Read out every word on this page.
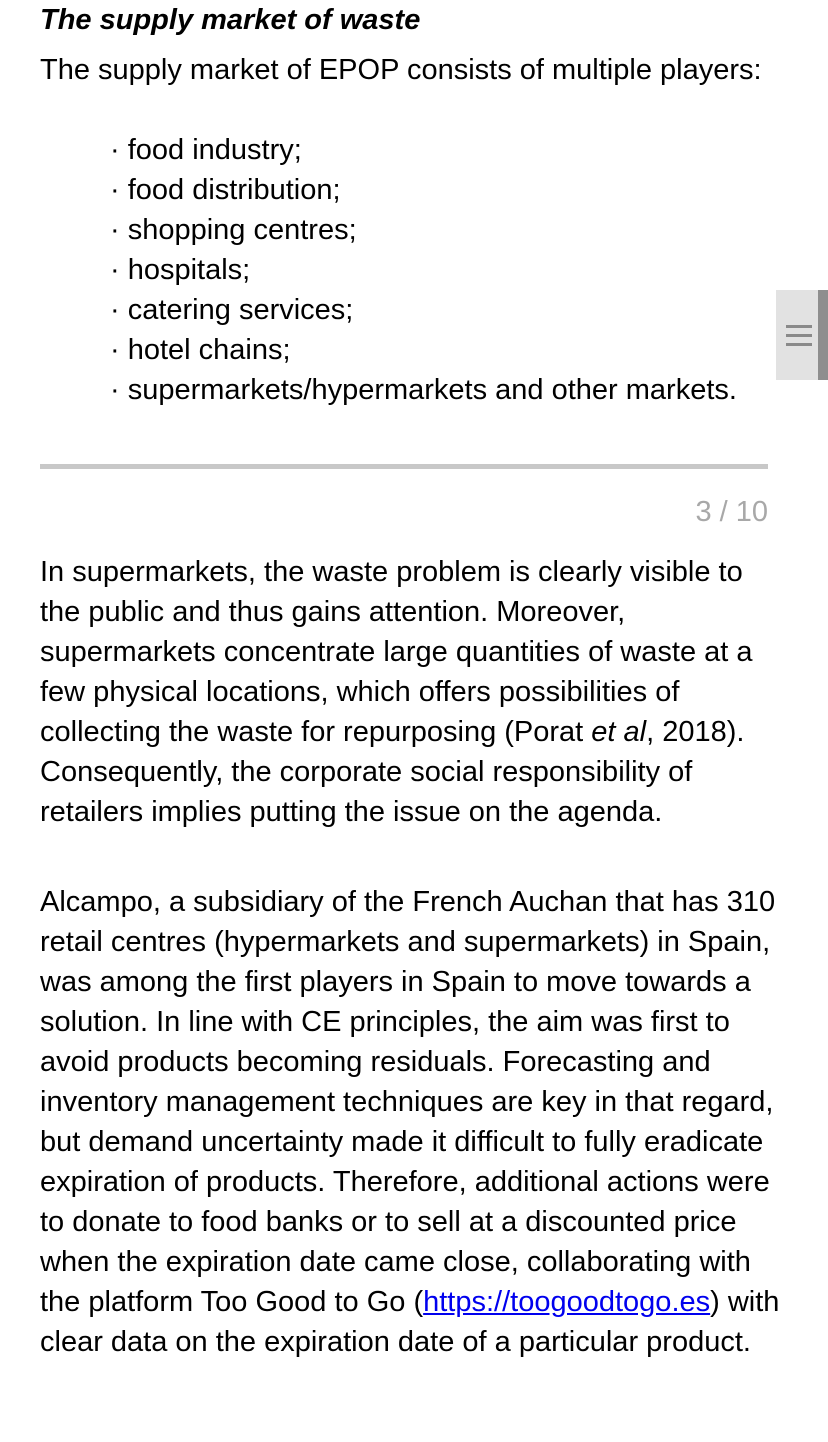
The supply market of waste

The supply market of EPOP consists of multiple players:

· food industry;
· food distribution;
· shopping centres;
· hospitals;
· catering services;
· hotel chains;
· supermarkets/hypermarkets and other markets.
3 / 10

In supermarkets, the waste problem is clearly visible to the public and thus gains attention. Moreover, supermarkets concentrate large quantities of waste at a few physical locations, which offers possibilities of collecting the waste for repurposing (Porat et al, 2018). Consequently, the corporate social responsibility of retailers implies putting the issue on the agenda.

Alcampo, a subsidiary of the French Auchan that has 310 retail centres (hypermarkets and supermarkets) in Spain, was among the first players in Spain to move towards a solution. In line with CE principles, the aim was first to avoid products becoming residuals. Forecasting and inventory management techniques are key in that regard, but demand uncertainty made it difficult to fully eradicate expiration of products. Therefore, additional actions were to donate to food banks or to sell at a discounted price when the expiration date came close, collaborating with the platform Too Good to Go (https://toogoodtogo.es) with clear data on the expiration date of a particular product.
